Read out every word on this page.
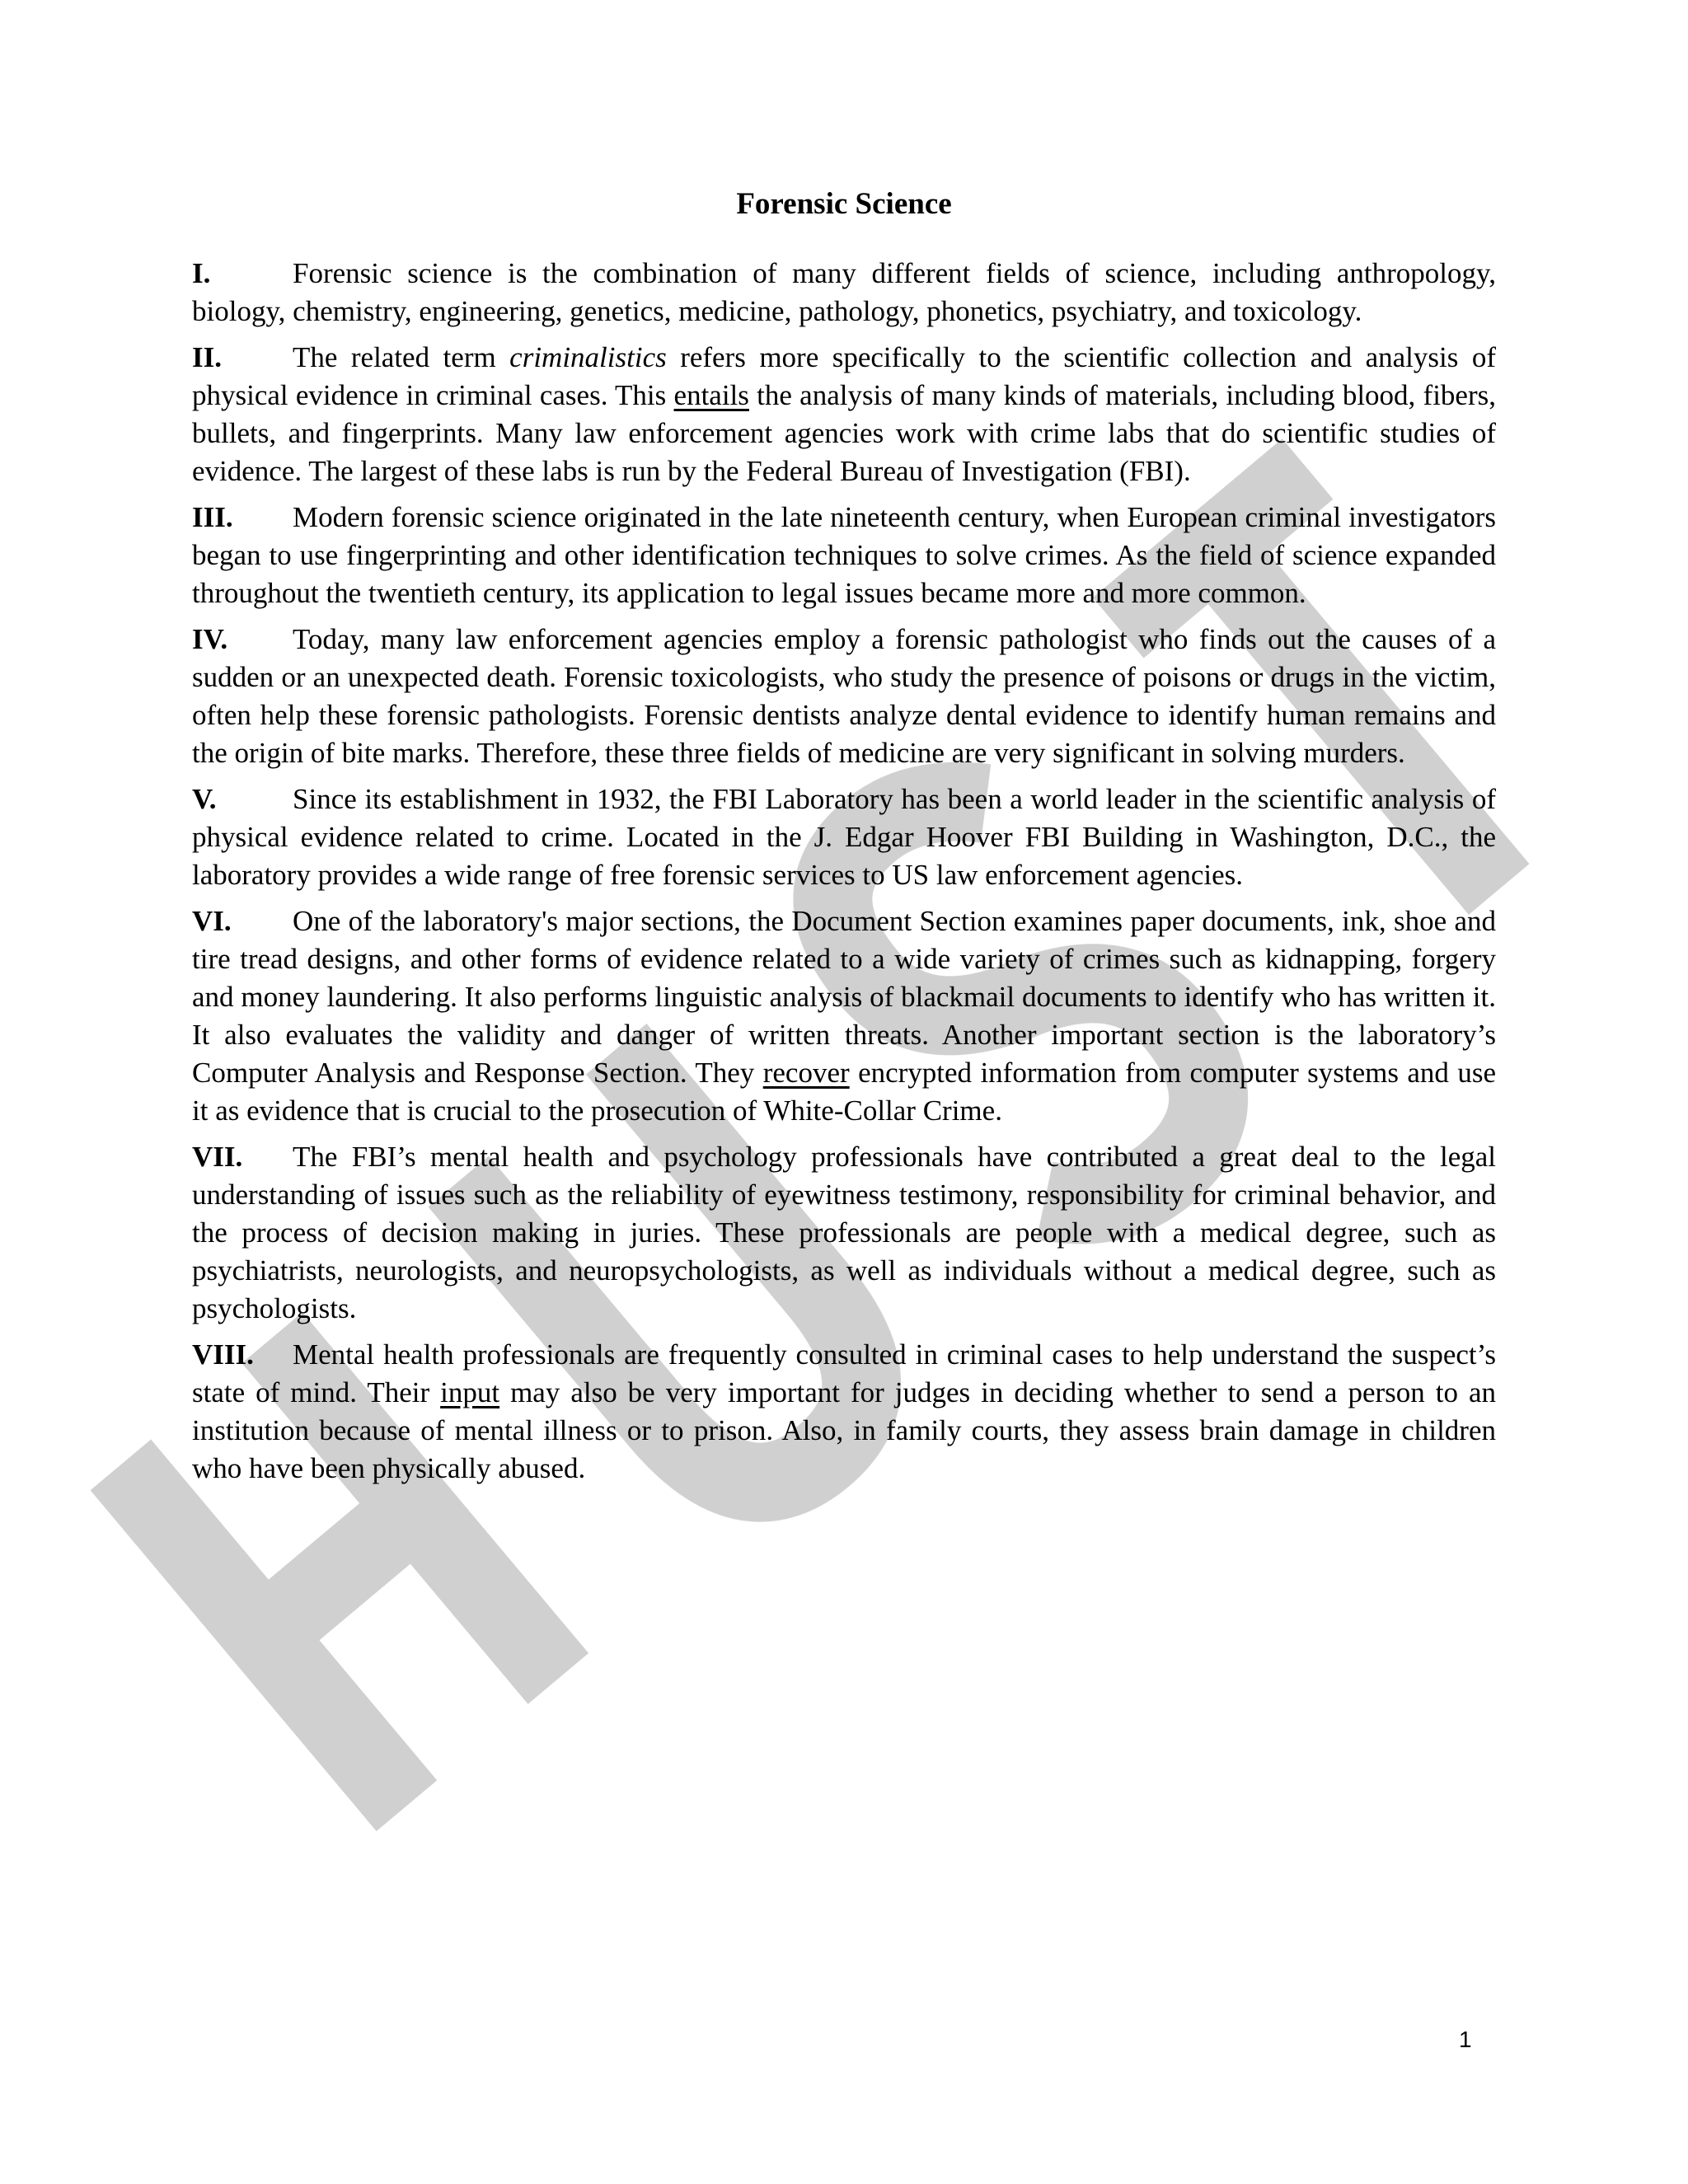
Forensic Science

I.	Forensic science is the combination of many different fields of science, including anthropology, biology, chemistry, engineering, genetics, medicine, pathology, phonetics, psychiatry, and toxicology.

II. The related term criminalistics refers more specifically to the scientific collection and analysis of physical evidence in criminal cases. This entails the analysis of many kinds of materials, including blood, fibers, bullets, and fingerprints. Many law enforcement agencies work with crime labs that do scientific studies of evidence. The largest of these labs is run by the Federal Bureau of Investigation (FBI).

III. Modern forensic science originated in the late nineteenth century, when European criminal investigators began to use fingerprinting and other identification techniques to solve crimes. As the field of science expanded throughout the twentieth century, its application to legal issues became more and more common.

IV. Today, many law enforcement agencies employ a forensic pathologist who finds out the causes of a sudden or an unexpected death. Forensic toxicologists, who study the presence of poisons or drugs in the victim, often help these forensic pathologists. Forensic dentists analyze dental evidence to identify human remains and the origin of bite marks. Therefore, these three fields of medicine are very significant in solving murders.

V.	Since its establishment in 1932, the FBI Laboratory has been a world leader in the scientific analysis of physical evidence related to crime. Located in the J. Edgar Hoover FBI Building in Washington, D.C., the laboratory provides a wide range of free forensic services to US law enforcement agencies.

VI. One of the laboratory's major sections, the Document Section examines paper documents, ink, shoe and tire tread designs, and other forms of evidence related to a wide variety of crimes such as kidnapping, forgery and money laundering. It also performs linguistic analysis of blackmail documents to identify who has written it. It also evaluates the validity and danger of written threats. Another important section is the laboratory’s Computer Analysis and Response Section. They recover encrypted information from computer systems and use it as evidence that is crucial to the prosecution of White-Collar Crime.

VII. The FBI’s mental health and psychology professionals have contributed a great deal to the legal understanding of issues such as the reliability of eyewitness testimony, responsibility for criminal behavior, and the process of decision making in juries. These professionals are people with a medical degree, such as psychiatrists, neurologists, and neuropsychologists, as well as individuals without a medical degree, such as psychologists.

VIII. Mental health professionals are frequently consulted in criminal cases to help understand the suspect’s state of mind. Their input may also be very important for judges in deciding whether to send a person to an institution because of mental illness or to prison. Also, in family courts, they assess brain damage in children who have been physically abused.

1
